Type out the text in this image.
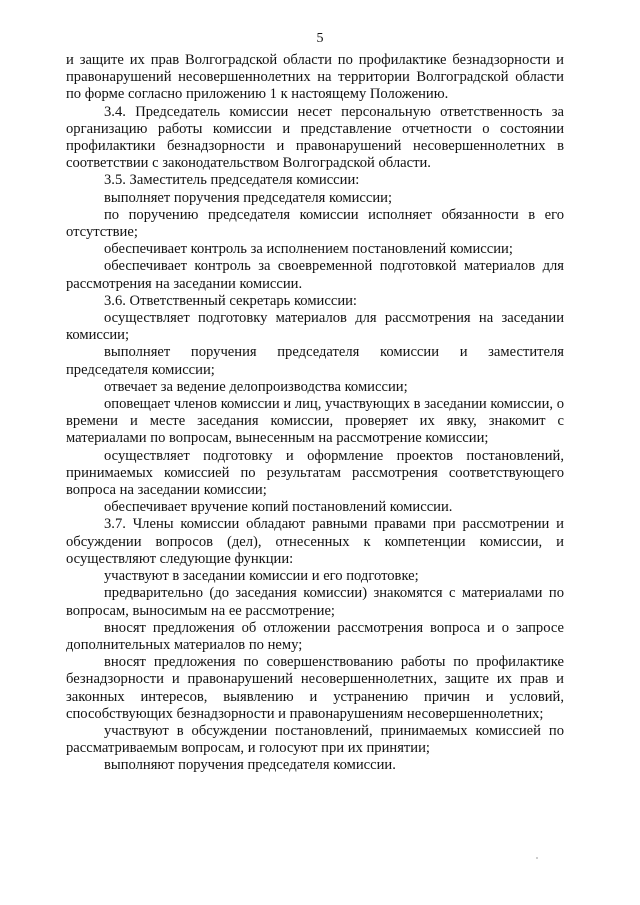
5

и защите их прав Волгоградской области по профилактике безнадзорности и правонарушений несовершеннолетних на территории Волгоградской области по форме согласно приложению 1 к настоящему Положению.

3.4. Председатель комиссии несет персональную ответственность за организацию работы комиссии и представление отчетности о состоянии профилактики безнадзорности и правонарушений несовершеннолетних в соответствии с законодательством Волгоградской области.

3.5. Заместитель председателя комиссии:

выполняет поручения председателя комиссии;

по поручению председателя комиссии исполняет обязанности в его отсутствие;

обеспечивает контроль за исполнением постановлений комиссии;

обеспечивает контроль за своевременной подготовкой материалов для рассмотрения на заседании комиссии.

3.6. Ответственный секретарь комиссии:

осуществляет подготовку материалов для рассмотрения на заседании комиссии;

выполняет поручения председателя комиссии и заместителя председателя комиссии;

отвечает за ведение делопроизводства комиссии;

оповещает членов комиссии и лиц, участвующих в заседании комиссии, о времени и месте заседания комиссии, проверяет их явку, знакомит с материалами по вопросам, вынесенным на рассмотрение комиссии;

осуществляет подготовку и оформление проектов постановлений, принимаемых комиссией по результатам рассмотрения соответствующего вопроса на заседании комиссии;

обеспечивает вручение копий постановлений комиссии.

3.7. Члены комиссии обладают равными правами при рассмотрении и обсуждении вопросов (дел), отнесенных к компетенции комиссии, и осуществляют следующие функции:

участвуют в заседании комиссии и его подготовке;

предварительно (до заседания комиссии) знакомятся с материалами по вопросам, выносимым на ее рассмотрение;

вносят предложения об отложении рассмотрения вопроса и о запросе дополнительных материалов по нему;

вносят предложения по совершенствованию работы по профилактике безнадзорности и правонарушений несовершеннолетних, защите их прав и законных интересов, выявлению и устранению причин и условий, способствующих безнадзорности и правонарушениям несовершеннолетних;

участвуют в обсуждении постановлений, принимаемых комиссией по рассматриваемым вопросам, и голосуют при их принятии;

выполняют поручения председателя комиссии.
